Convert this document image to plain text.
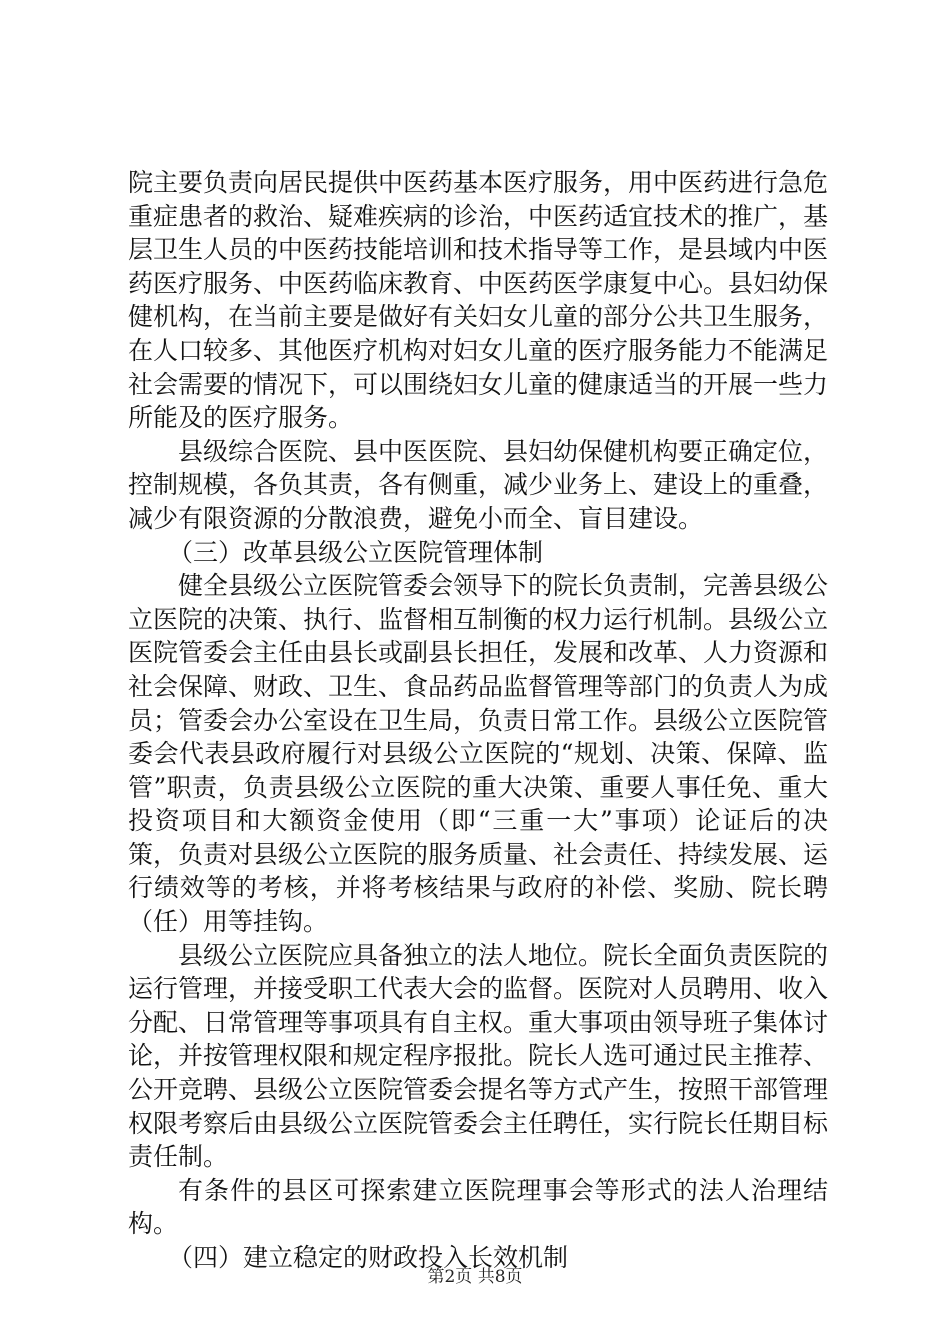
院主要负责向居民提供中医药基本医疗服务，用中医药进行急危重症患者的救治、疑难疾病的诊治，中医药适宜技术的推广，基层卫生人员的中医药技能培训和技术指导等工作，是县域内中医药医疗服务、中医药临床教育、中医药医学康复中心。县妇幼保健机构，在当前主要是做好有关妇女儿童的部分公共卫生服务，在人口较多、其他医疗机构对妇女儿童的医疗服务能力不能满足社会需要的情况下，可以围绕妇女儿童的健康适当的开展一些力所能及的医疗服务。

县级综合医院、县中医医院、县妇幼保健机构要正确定位，控制规模，各负其责，各有侧重，减少业务上、建设上的重叠，减少有限资源的分散浪费，避免小而全、盲目建设。

（三）改革县级公立医院管理体制

健全县级公立医院管委会领导下的院长负责制，完善县级公立医院的决策、执行、监督相互制衡的权力运行机制。县级公立医院管委会主任由县长或副县长担任，发展和改革、人力资源和社会保障、财政、卫生、食品药品监督管理等部门的负责人为成员；管委会办公室设在卫生局，负责日常工作。县级公立医院管委会代表县政府履行对县级公立医院的“规划、决策、保障、监管”职责，负责县级公立医院的重大决策、重要人事任免、重大投资项目和大额资金使用（即“三重一大”事项）论证后的决策，负责对县级公立医院的服务质量、社会责任、持续发展、运行绩效等的考核，并将考核结果与政府的补偿、奖励、院长聘（任）用等挂钩。

县级公立医院应具备独立的法人地位。院长全面负责医院的运行管理，并接受职工代表大会的监督。医院对人员聘用、收入分配、日常管理等事项具有自主权。重大事项由领导班子集体讨论，并按管理权限和规定程序报批。院长人选可通过民主推荐、公开竞聘、县级公立医院管委会提名等方式产生，按照干部管理权限考察后由县级公立医院管委会主任聘任，实行院长任期目标责任制。

有条件的县区可探索建立医院理事会等形式的法人治理结构。

（四）建立稳定的财政投入长效机制

第2页 共8页
